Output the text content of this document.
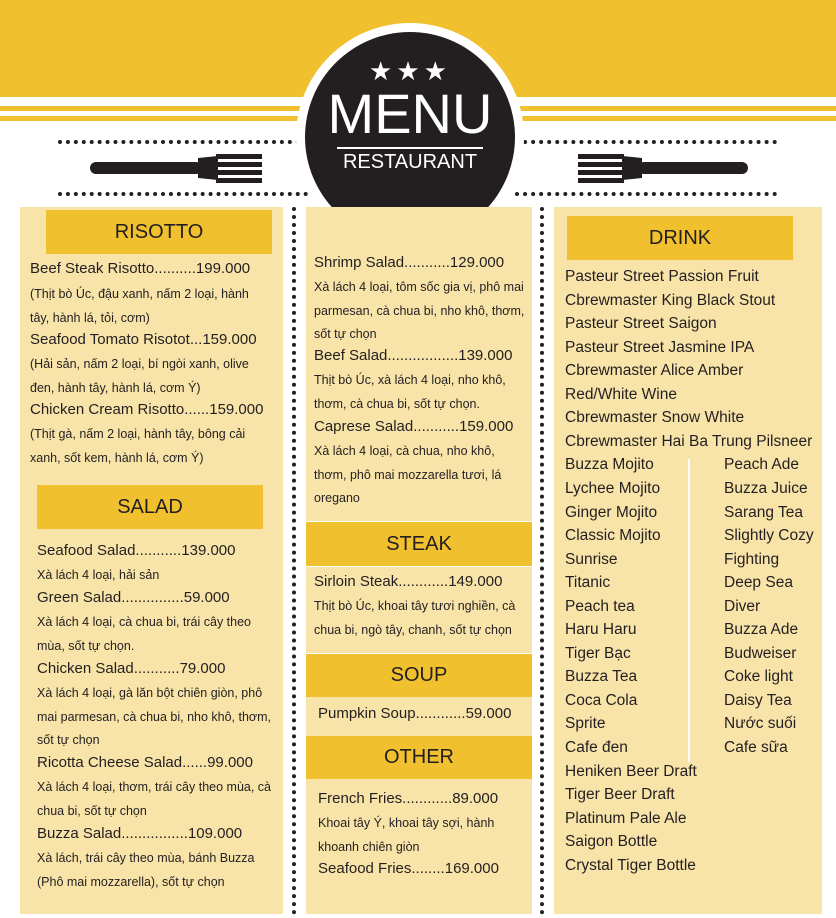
★★★
MENU
RESTAURANT
RISOTTO
Beef Steak Risotto..........199.000
(Thịt bò Úc, đậu xanh, nấm 2 loại, hành tây, hành lá, tỏi, cơm)
Seafood Tomato Risotot...159.000
(Hải sản, nấm 2 loại, bí ngòi xanh, olive đen, hành tây, hành lá, cơm Ý)
Chicken Cream Risotto......159.000
(Thịt gà, nấm 2 loại, hành tây, bông cải xanh, sốt kem, hành lá, cơm Ý)
SALAD
Seafood Salad...........139.000
Xà lách 4 loại, hải sản
Green Salad...............59.000
Xà lách 4 loại, cà chua bi, trái cây theo mùa, sốt tự chọn.
Chicken Salad...........79.000
Xà lách 4 loại, gà lăn bột chiên giòn, phô mai parmesan, cà chua bi, nho khô, thơm, sốt tự chọn
Ricotta Cheese Salad......99.000
Xà lách 4 loại, thơm, trái cây theo mùa, cà chua bi, sốt tự chọn
Buzza Salad................109.000
Xà lách, trái cây theo mùa, bánh Buzza (Phô mai mozzarella), sốt tự chọn
Shrimp Salad...........129.000
Xà lách 4 loại, tôm sốc gia vị, phô mai parmesan, cà chua bi, nho khô, thơm, sốt tự chọn
Beef Salad.................139.000
Thịt bò Úc, xà lách 4 loại, nho khô, thơm, cà chua bi, sốt tự chọn.
Caprese Salad...........159.000
Xà lách 4 loại, cà chua, nho khô, thơm, phô mai mozzarella tươi, lá oregano
STEAK
Sirloin Steak............149.000
Thịt bò Úc, khoai tây tươi nghiền, cà chua bi, ngò tây, chanh, sốt tự chọn
SOUP
Pumpkin Soup............59.000
OTHER
French Fries............89.000
Khoai tây Ý, khoai tây sợi, hành khoanh chiên giòn
Seafood Fries........169.000
DRINK
Pasteur Street Passion Fruit
Cbrewmaster King Black Stout
Pasteur Street Saigon
Pasteur Street Jasmine IPA
Cbrewmaster Alice Amber
Red/White Wine
Cbrewmaster Snow White
Cbrewmaster Hai Ba Trung Pilsneer
Buzza Mojito
Lychee Mojito
Ginger Mojito
Classic Mojito
Sunrise
Titanic
Peach tea
Haru Haru
Tiger Bạc
Buzza Tea
Coca Cola
Sprite
Cafe đen
Heniken Beer Draft
Tiger Beer Draft
Platinum Pale Ale
Saigon Bottle
Crystal Tiger Bottle
Peach Ade
Buzza Juice
Sarang Tea
Slightly Cozy
Fighting
Deep Sea
Diver
Buzza Ade
Budweiser
Coke light
Daisy Tea
Nước suối
Cafe sữa
